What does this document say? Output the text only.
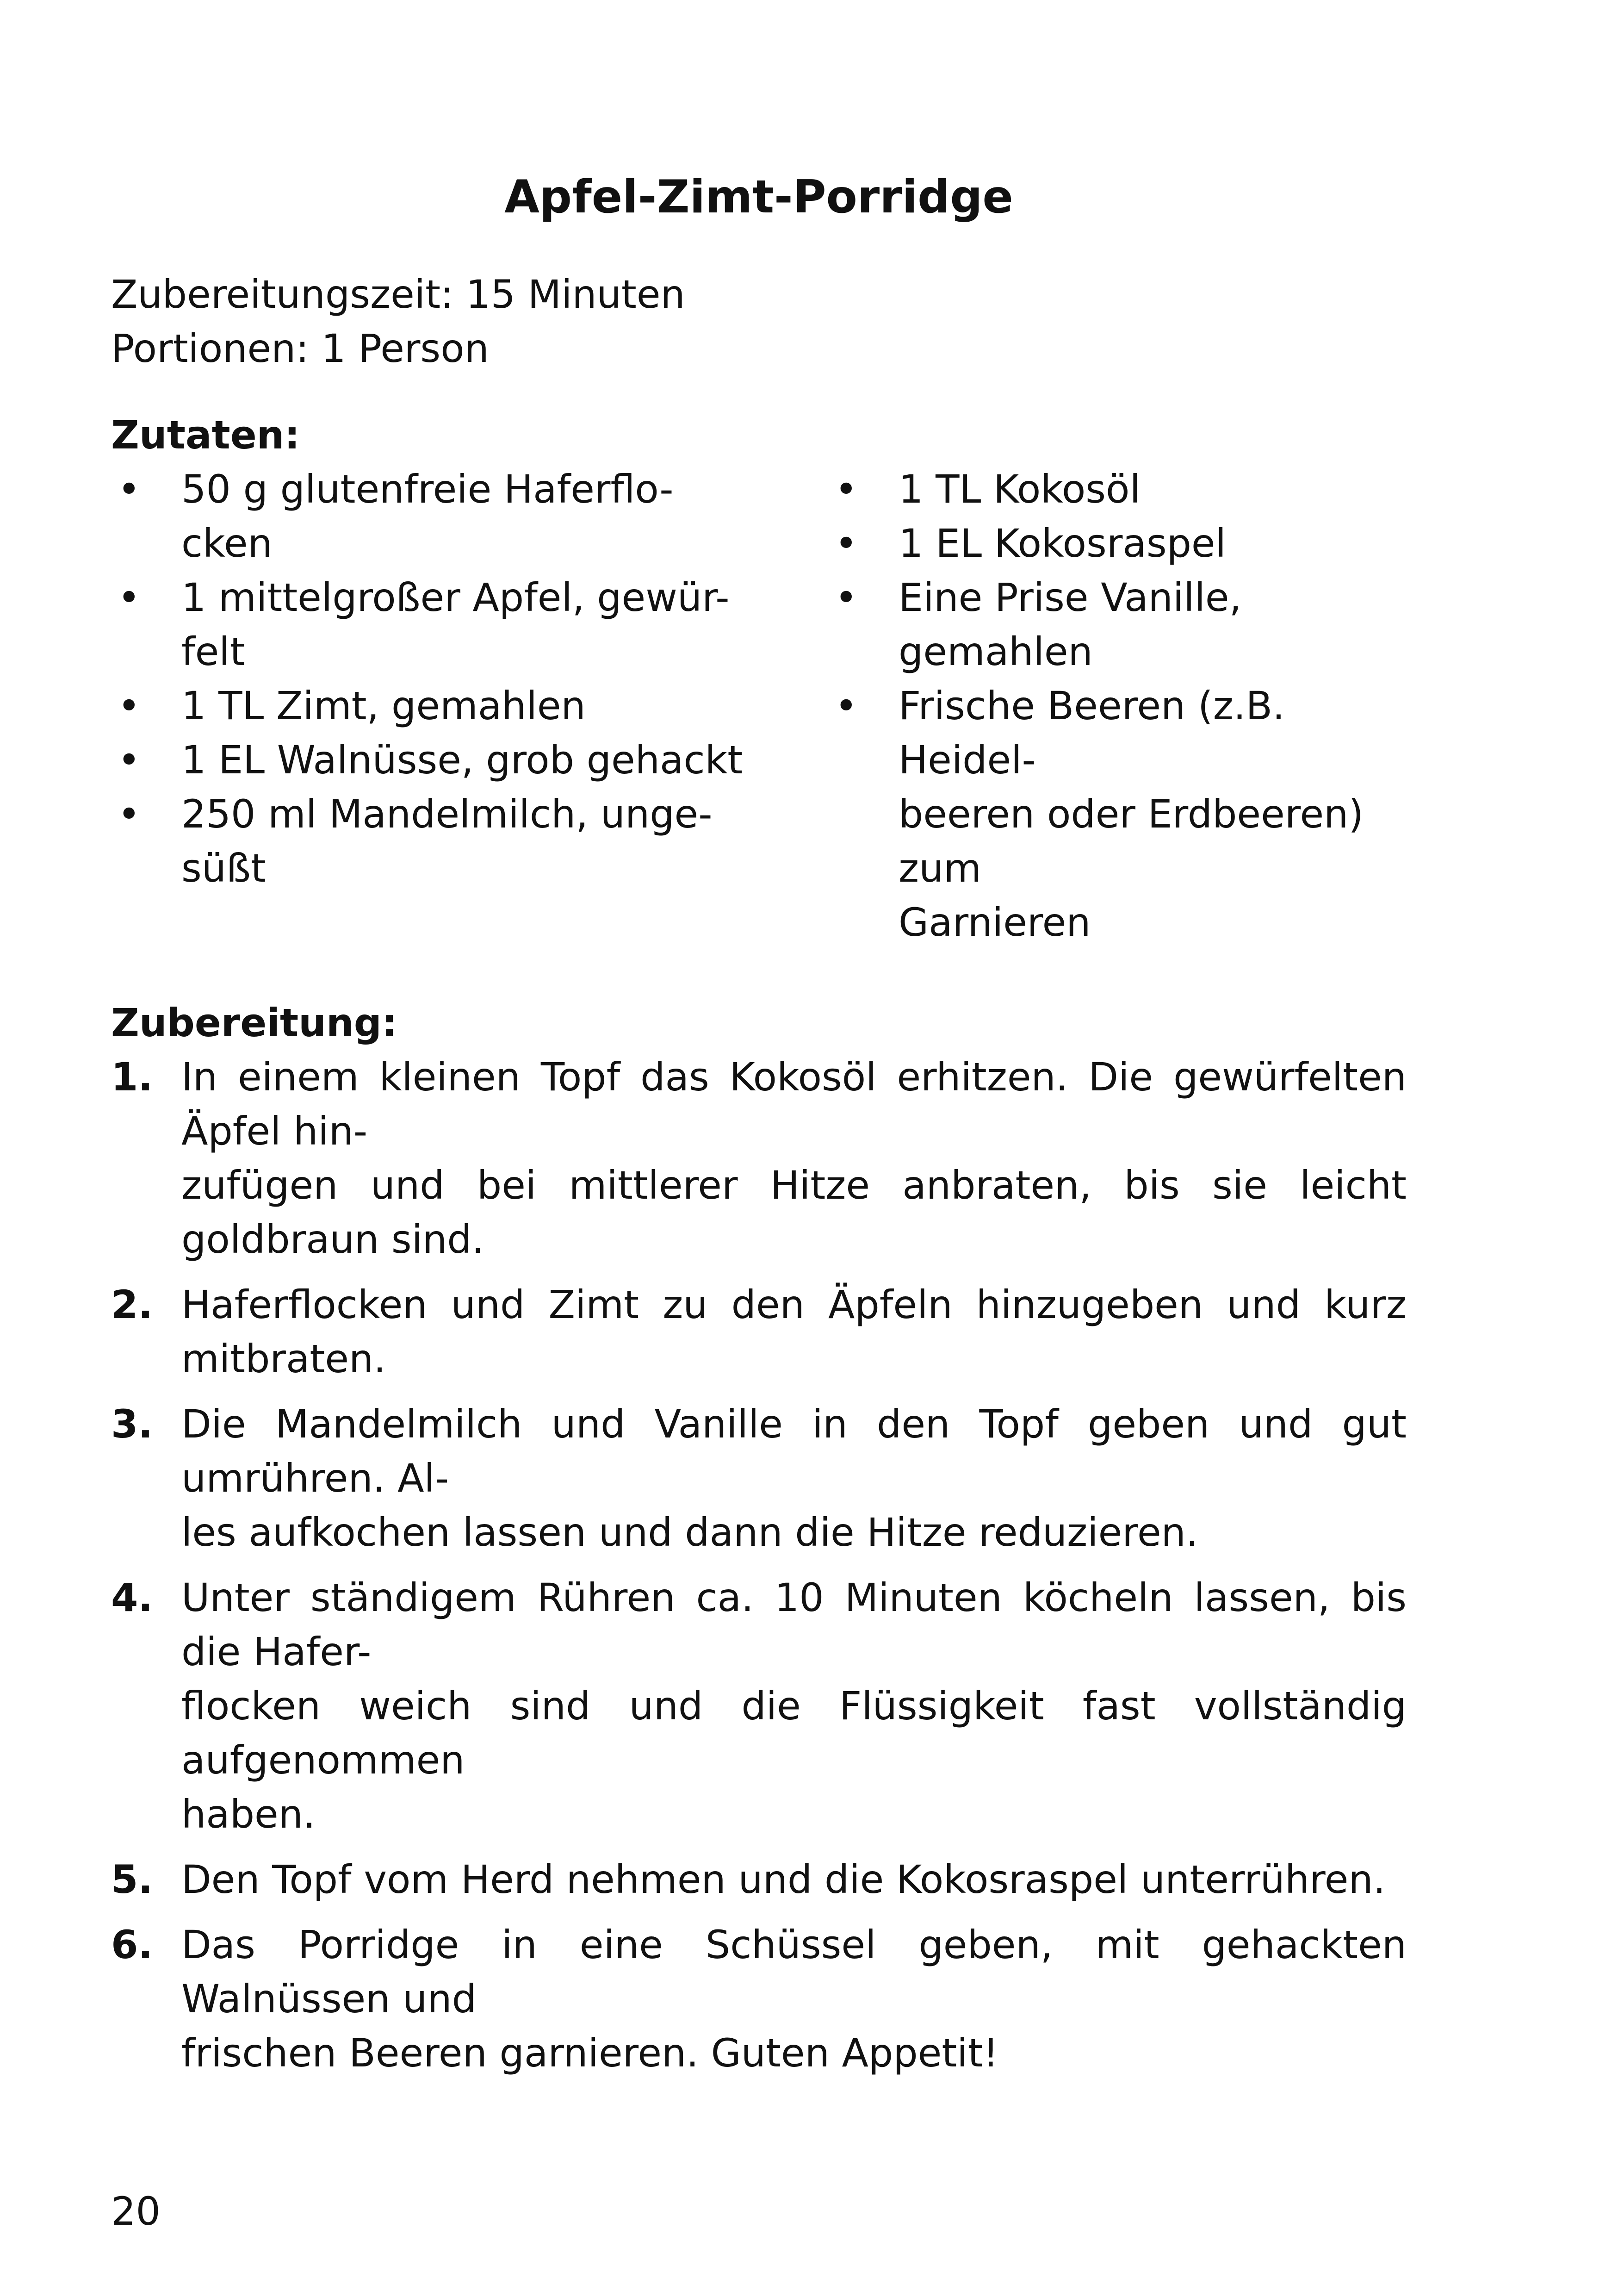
Apfel-Zimt-Porridge
Zubereitungszeit: 15 Minuten
Portionen: 1 Person
Zutaten:
• 50 g glutenfreie Haferflo-
cken
• 1 mittelgroßer Apfel, gewür-
felt
• 1 TL Zimt, gemahlen
• 1 EL Walnüsse, grob gehackt
• 250 ml Mandelmilch, unge-
süßt
• 1 TL Kokosöl
• 1 EL Kokosraspel
• Eine Prise Vanille, gemahlen
• Frische Beeren (z.B. Heidel-
beeren oder Erdbeeren) zum
Garnieren
Zubereitung:
1. In einem kleinen Topf das Kokosöl erhitzen. Die gewürfelten Äpfel hin-
zufügen und bei mittlerer Hitze anbraten, bis sie leicht goldbraun sind.
2. Haferflocken und Zimt zu den Äpfeln hinzugeben und kurz mitbraten.
3. Die Mandelmilch und Vanille in den Topf geben und gut umrühren. Al-
les aufkochen lassen und dann die Hitze reduzieren.
4. Unter ständigem Rühren ca. 10 Minuten köcheln lassen, bis die Hafer-
flocken weich sind und die Flüssigkeit fast vollständig aufgenommen
haben.
5. Den Topf vom Herd nehmen und die Kokosraspel unterrühren.
6. Das Porridge in eine Schüssel geben, mit gehackten Walnüssen und
frischen Beeren garnieren. Guten Appetit!
20
